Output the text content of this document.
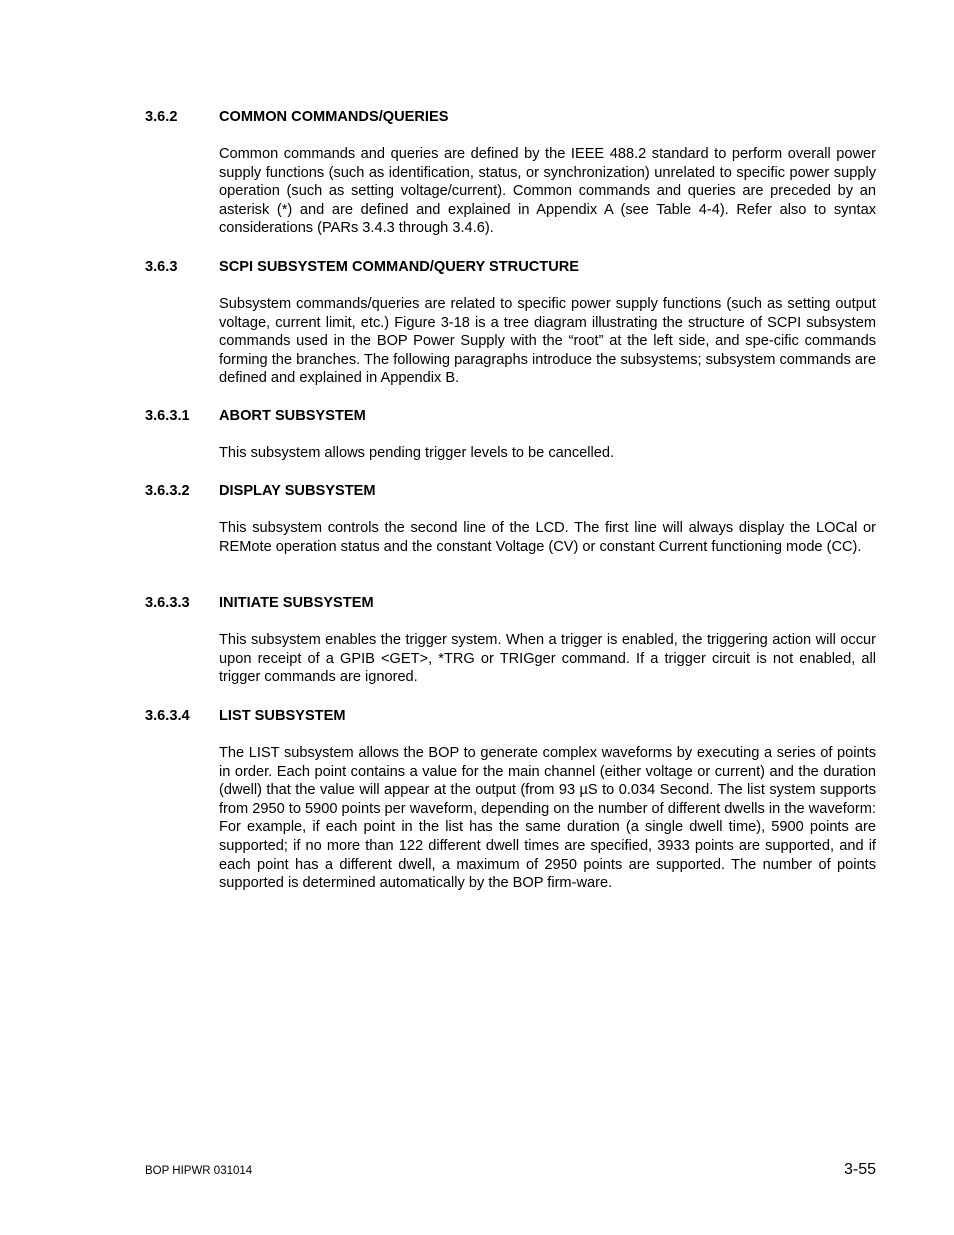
3.6.2	COMMON COMMANDS/QUERIES

Common commands and queries are defined by the IEEE 488.2 standard to perform overall power supply functions (such as identification, status, or synchronization) unrelated to specific power supply operation (such as setting voltage/current). Common commands and queries are preceded by an asterisk (*) and are defined and explained in Appendix A (see Table 4-4). Refer also to syntax considerations (PARs 3.4.3 through 3.4.6).

3.6.3	SCPI SUBSYSTEM COMMAND/QUERY STRUCTURE

Subsystem commands/queries are related to specific power supply functions (such as setting output voltage, current limit, etc.) Figure 3-18 is a tree diagram illustrating the structure of SCPI subsystem commands used in the BOP Power Supply with the “root” at the left side, and spe-cific commands forming the branches. The following paragraphs introduce the subsystems; subsystem commands are defined and explained in Appendix B.

3.6.3.1 ABORT SUBSYSTEM

This subsystem allows pending trigger levels to be cancelled.

3.6.3.2 DISPLAY SUBSYSTEM

This subsystem controls the second line of the LCD. The first line will always display the LOCal or REMote operation status and the constant Voltage (CV) or constant Current functioning mode (CC).

3.6.3.3 INITIATE SUBSYSTEM

This subsystem enables the trigger system. When a trigger is enabled, the triggering action will occur upon receipt of a GPIB <GET>, *TRG or TRIGger command. If a trigger circuit is not enabled, all trigger commands are ignored.

3.6.3.4 LIST SUBSYSTEM

The LIST subsystem allows the BOP to generate complex waveforms by executing a series of points in order. Each point contains a value for the main channel (either voltage or current) and the duration (dwell) that the value will appear at the output (from 93 µS to 0.034 Second. The list system supports from 2950 to 5900 points per waveform, depending on the number of different dwells in the waveform: For example, if each point in the list has the same duration (a single dwell time), 5900 points are supported; if no more than 122 different dwell times are specified, 3933 points are supported, and if each point has a different dwell, a maximum of 2950 points are supported. The number of points supported is determined automatically by the BOP firm-ware.

BOP HIPWR 031014	3-55
